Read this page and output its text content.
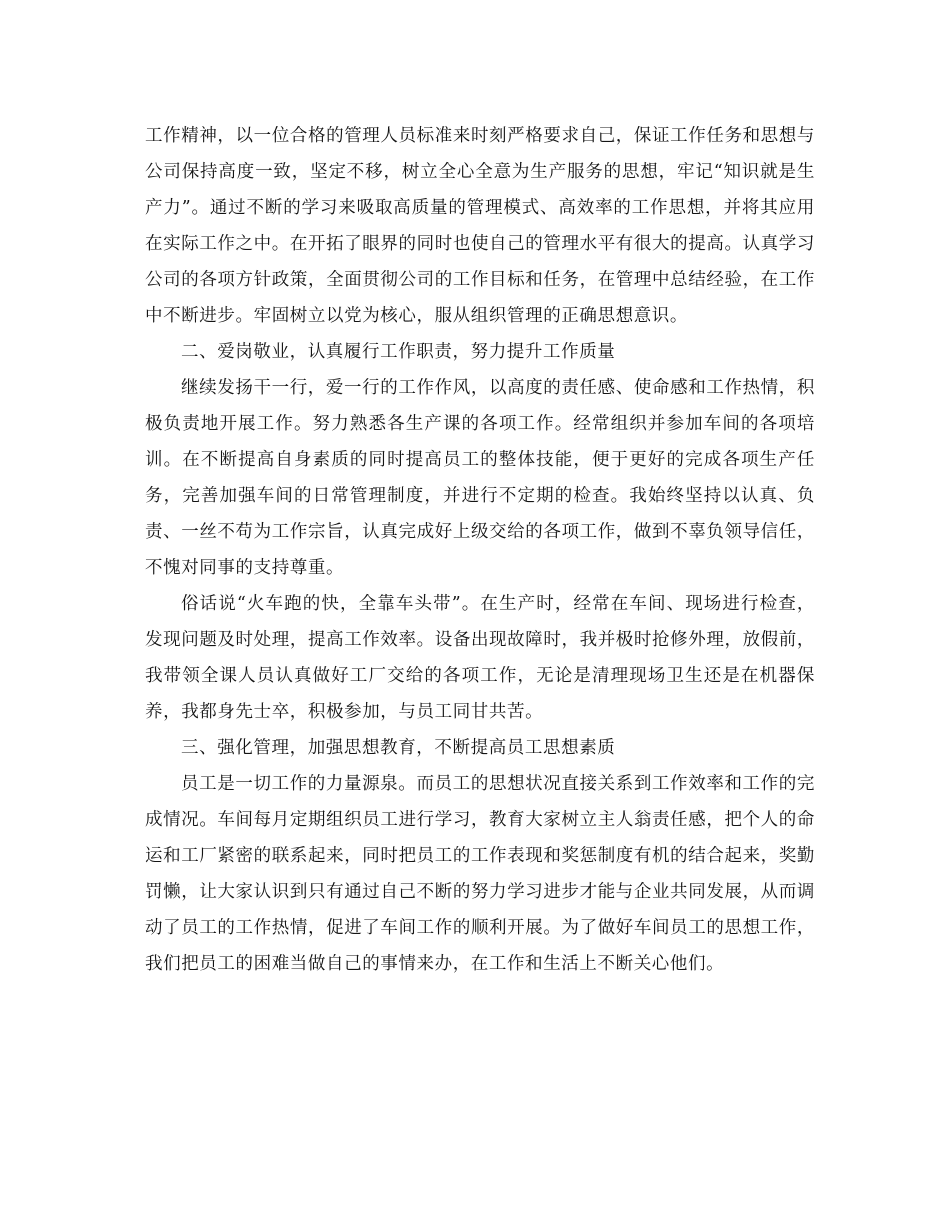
工作精神，以一位合格的管理人员标准来时刻严格要求自己，保证工作任务和思想与公司保持高度一致，坚定不移，树立全心全意为生产服务的思想，牢记“知识就是生产力”。通过不断的学习来吸取高质量的管理模式、高效率的工作思想，并将其应用在实际工作之中。在开拓了眼界的同时也使自己的管理水平有很大的提高。认真学习公司的各项方针政策，全面贯彻公司的工作目标和任务，在管理中总结经验，在工作中不断进步。牢固树立以党为核心，服从组织管理的正确思想意识。

二、爱岗敬业，认真履行工作职责，努力提升工作质量

继续发扬干一行，爱一行的工作作风，以高度的责任感、使命感和工作热情，积极负责地开展工作。努力熟悉各生产课的各项工作。经常组织并参加车间的各项培训。在不断提高自身素质的同时提高员工的整体技能，便于更好的完成各项生产任务，完善加强车间的日常管理制度，并进行不定期的检查。我始终坚持以认真、负责、一丝不苟为工作宗旨，认真完成好上级交给的各项工作，做到不辜负领导信任，不愧对同事的支持尊重。

俗话说“火车跑的快，全靠车头带”。在生产时，经常在车间、现场进行检查，发现问题及时处理，提高工作效率。设备出现故障时，我并极时抢修外理，放假前，我带领全课人员认真做好工厂交给的各项工作，无论是清理现场卫生还是在机器保养，我都身先士卒，积极参加，与员工同甘共苦。

三、强化管理，加强思想教育，不断提高员工思想素质

员工是一切工作的力量源泉。而员工的思想状况直接关系到工作效率和工作的完成情况。车间每月定期组织员工进行学习，教育大家树立主人翁责任感，把个人的命运和工厂紧密的联系起来，同时把员工的工作表现和奖惩制度有机的结合起来，奖勤罚懒，让大家认识到只有通过自己不断的努力学习进步才能与企业共同发展，从而调动了员工的工作热情，促进了车间工作的顺利开展。为了做好车间员工的思想工作，我们把员工的困难当做自己的事情来办，在工作和生活上不断关心他们。
